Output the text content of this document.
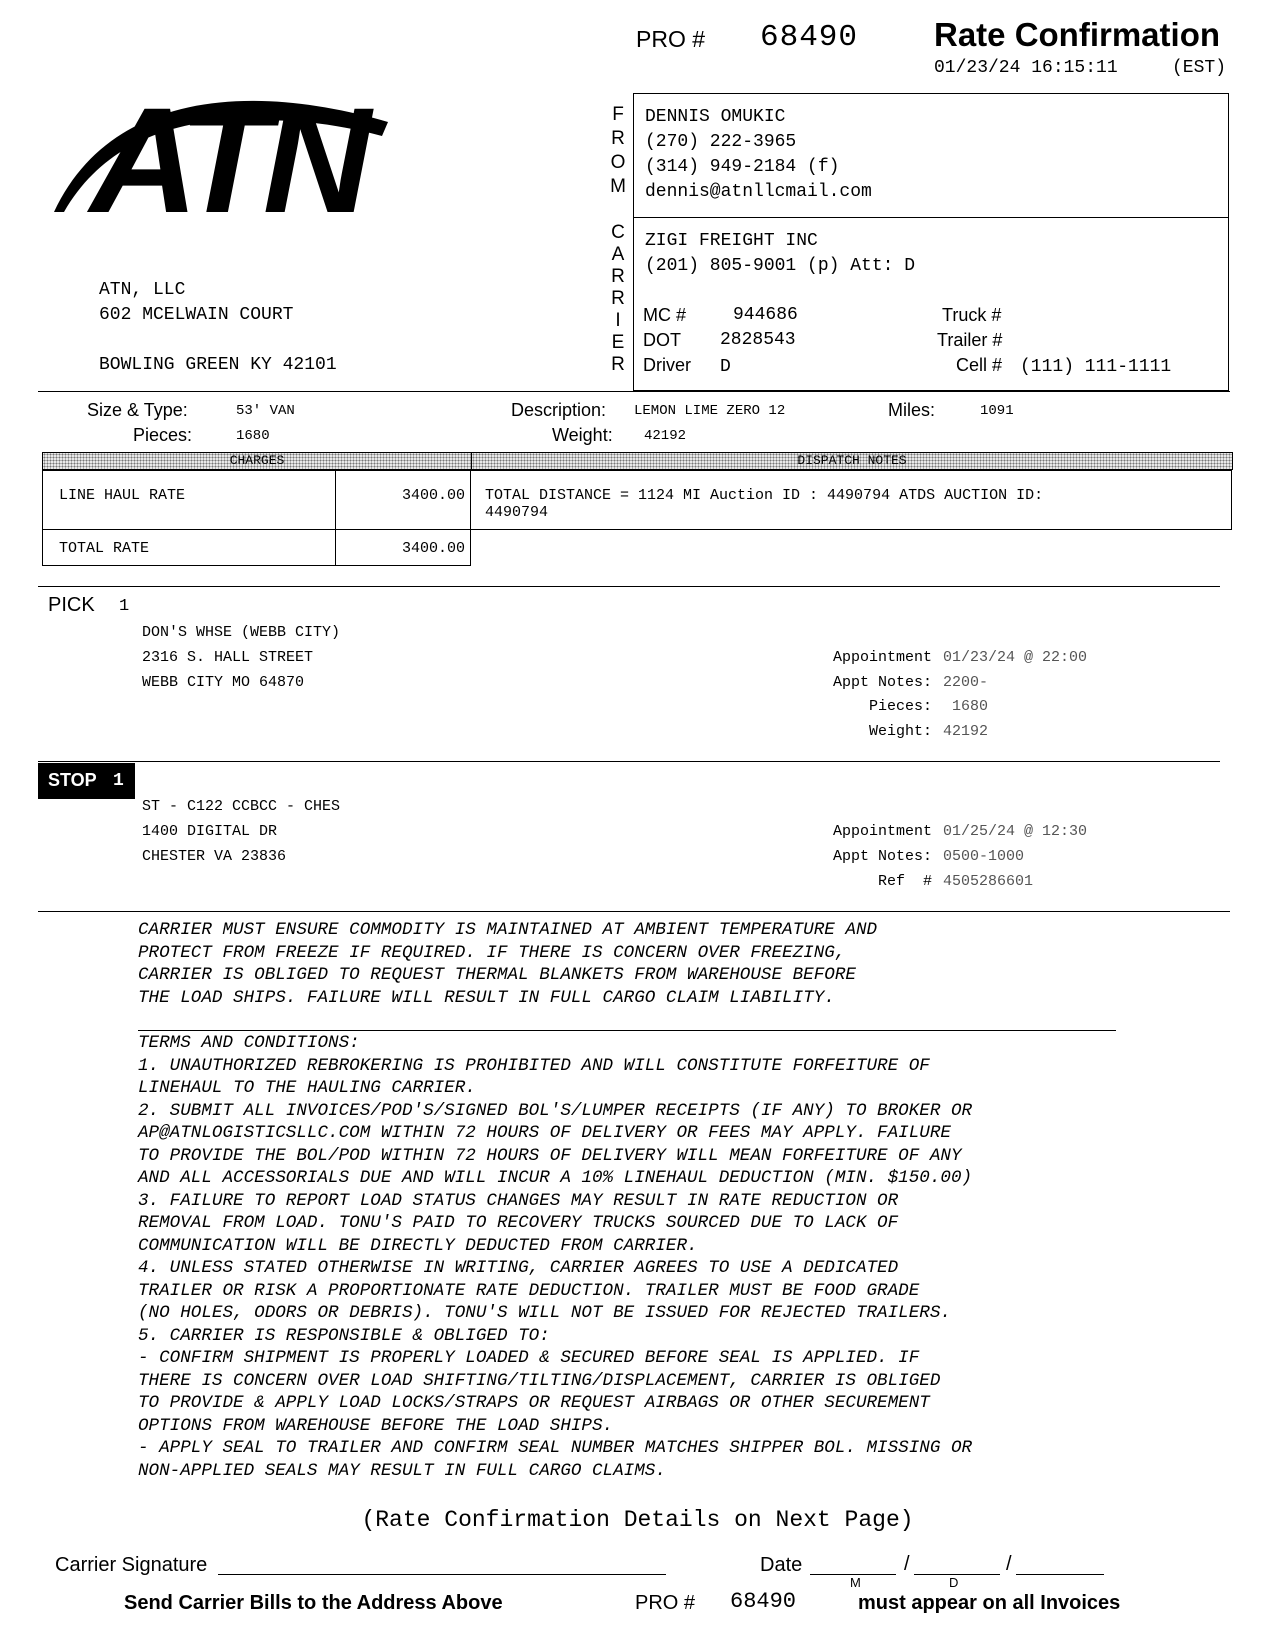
PRO # 68490 Rate Confirmation
01/23/24 16:15:11	(EST)
ATN
ATN, LLC
602 MCELWAIN COURT
BOWLING GREEN KY 42101
F
R
O
M
C
A
R
R
I
E
R
DENNIS OMUKIC
(270) 222-3965
(314) 949-2184 (f)
dennis@atnllcmail.com
ZIGI FREIGHT INC
(201) 805-9001 (p) Att: D
MC #	944686
DOT 2828543
Driver D
Truck #
Trailer #
Cell # (111) 111-1111
Size & Type:	53' VAN
Pieces:	1680
Description: LEMON LIME ZERO 12
Weight: 42192
Miles:	1091
CHARGES	DISPATCH NOTES
LINE HAUL RATE	3400.00
TOTAL RATE	3400.00
TOTAL DISTANCE = 1124 MI Auction ID : 4490794 ATDS AUCTION ID:
4490794
PICK 1
DON'S WHSE (WEBB CITY)
2316 S. HALL STREET
WEBB CITY MO 64870
Appointment 01/23/24 @ 22:00
Appt Notes: 2200-
Pieces: 1680
Weight: 42192
STOP 1
ST - C122 CCBCC - CHES
1400 DIGITAL DR
CHESTER VA 23836
Appointment 01/25/24 @ 12:30
Appt Notes: 0500-1000
Ref  # 4505286601
CARRIER MUST ENSURE COMMODITY IS MAINTAINED AT AMBIENT TEMPERATURE AND
PROTECT FROM FREEZE IF REQUIRED. IF THERE IS CONCERN OVER FREEZING,
CARRIER IS OBLIGED TO REQUEST THERMAL BLANKETS FROM WAREHOUSE BEFORE
THE LOAD SHIPS. FAILURE WILL RESULT IN FULL CARGO CLAIM LIABILITY.
TERMS AND CONDITIONS:
1. UNAUTHORIZED REBROKERING IS PROHIBITED AND WILL CONSTITUTE FORFEITURE OF
LINEHAUL TO THE HAULING CARRIER.
2. SUBMIT ALL INVOICES/POD'S/SIGNED BOL'S/LUMPER RECEIPTS (IF ANY) TO BROKER OR
AP@ATNLOGISTICSLLC.COM WITHIN 72 HOURS OF DELIVERY OR FEES MAY APPLY. FAILURE
TO PROVIDE THE BOL/POD WITHIN 72 HOURS OF DELIVERY WILL MEAN FORFEITURE OF ANY
AND ALL ACCESSORIALS DUE AND WILL INCUR A 10% LINEHAUL DEDUCTION (MIN. $150.00)
3. FAILURE TO REPORT LOAD STATUS CHANGES MAY RESULT IN RATE REDUCTION OR
REMOVAL FROM LOAD. TONU'S PAID TO RECOVERY TRUCKS SOURCED DUE TO LACK OF
COMMUNICATION WILL BE DIRECTLY DEDUCTED FROM CARRIER.
4. UNLESS STATED OTHERWISE IN WRITING, CARRIER AGREES TO USE A DEDICATED
TRAILER OR RISK A PROPORTIONATE RATE DEDUCTION. TRAILER MUST BE FOOD GRADE
(NO HOLES, ODORS OR DEBRIS). TONU'S WILL NOT BE ISSUED FOR REJECTED TRAILERS.
5. CARRIER IS RESPONSIBLE & OBLIGED TO:
- CONFIRM SHIPMENT IS PROPERLY LOADED & SECURED BEFORE SEAL IS APPLIED. IF
THERE IS CONCERN OVER LOAD SHIFTING/TILTING/DISPLACEMENT, CARRIER IS OBLIGED
TO PROVIDE & APPLY LOAD LOCKS/STRAPS OR REQUEST AIRBAGS OR OTHER SECUREMENT
OPTIONS FROM WAREHOUSE BEFORE THE LOAD SHIPS.
- APPLY SEAL TO TRAILER AND CONFIRM SEAL NUMBER MATCHES SHIPPER BOL. MISSING OR
NON-APPLIED SEALS MAY RESULT IN FULL CARGO CLAIMS.
(Rate Confirmation Details on Next Page)
Carrier Signature	Date	/	/
M	D
Send Carrier Bills to the Address Above	PRO # 68490	must appear on all Invoices
